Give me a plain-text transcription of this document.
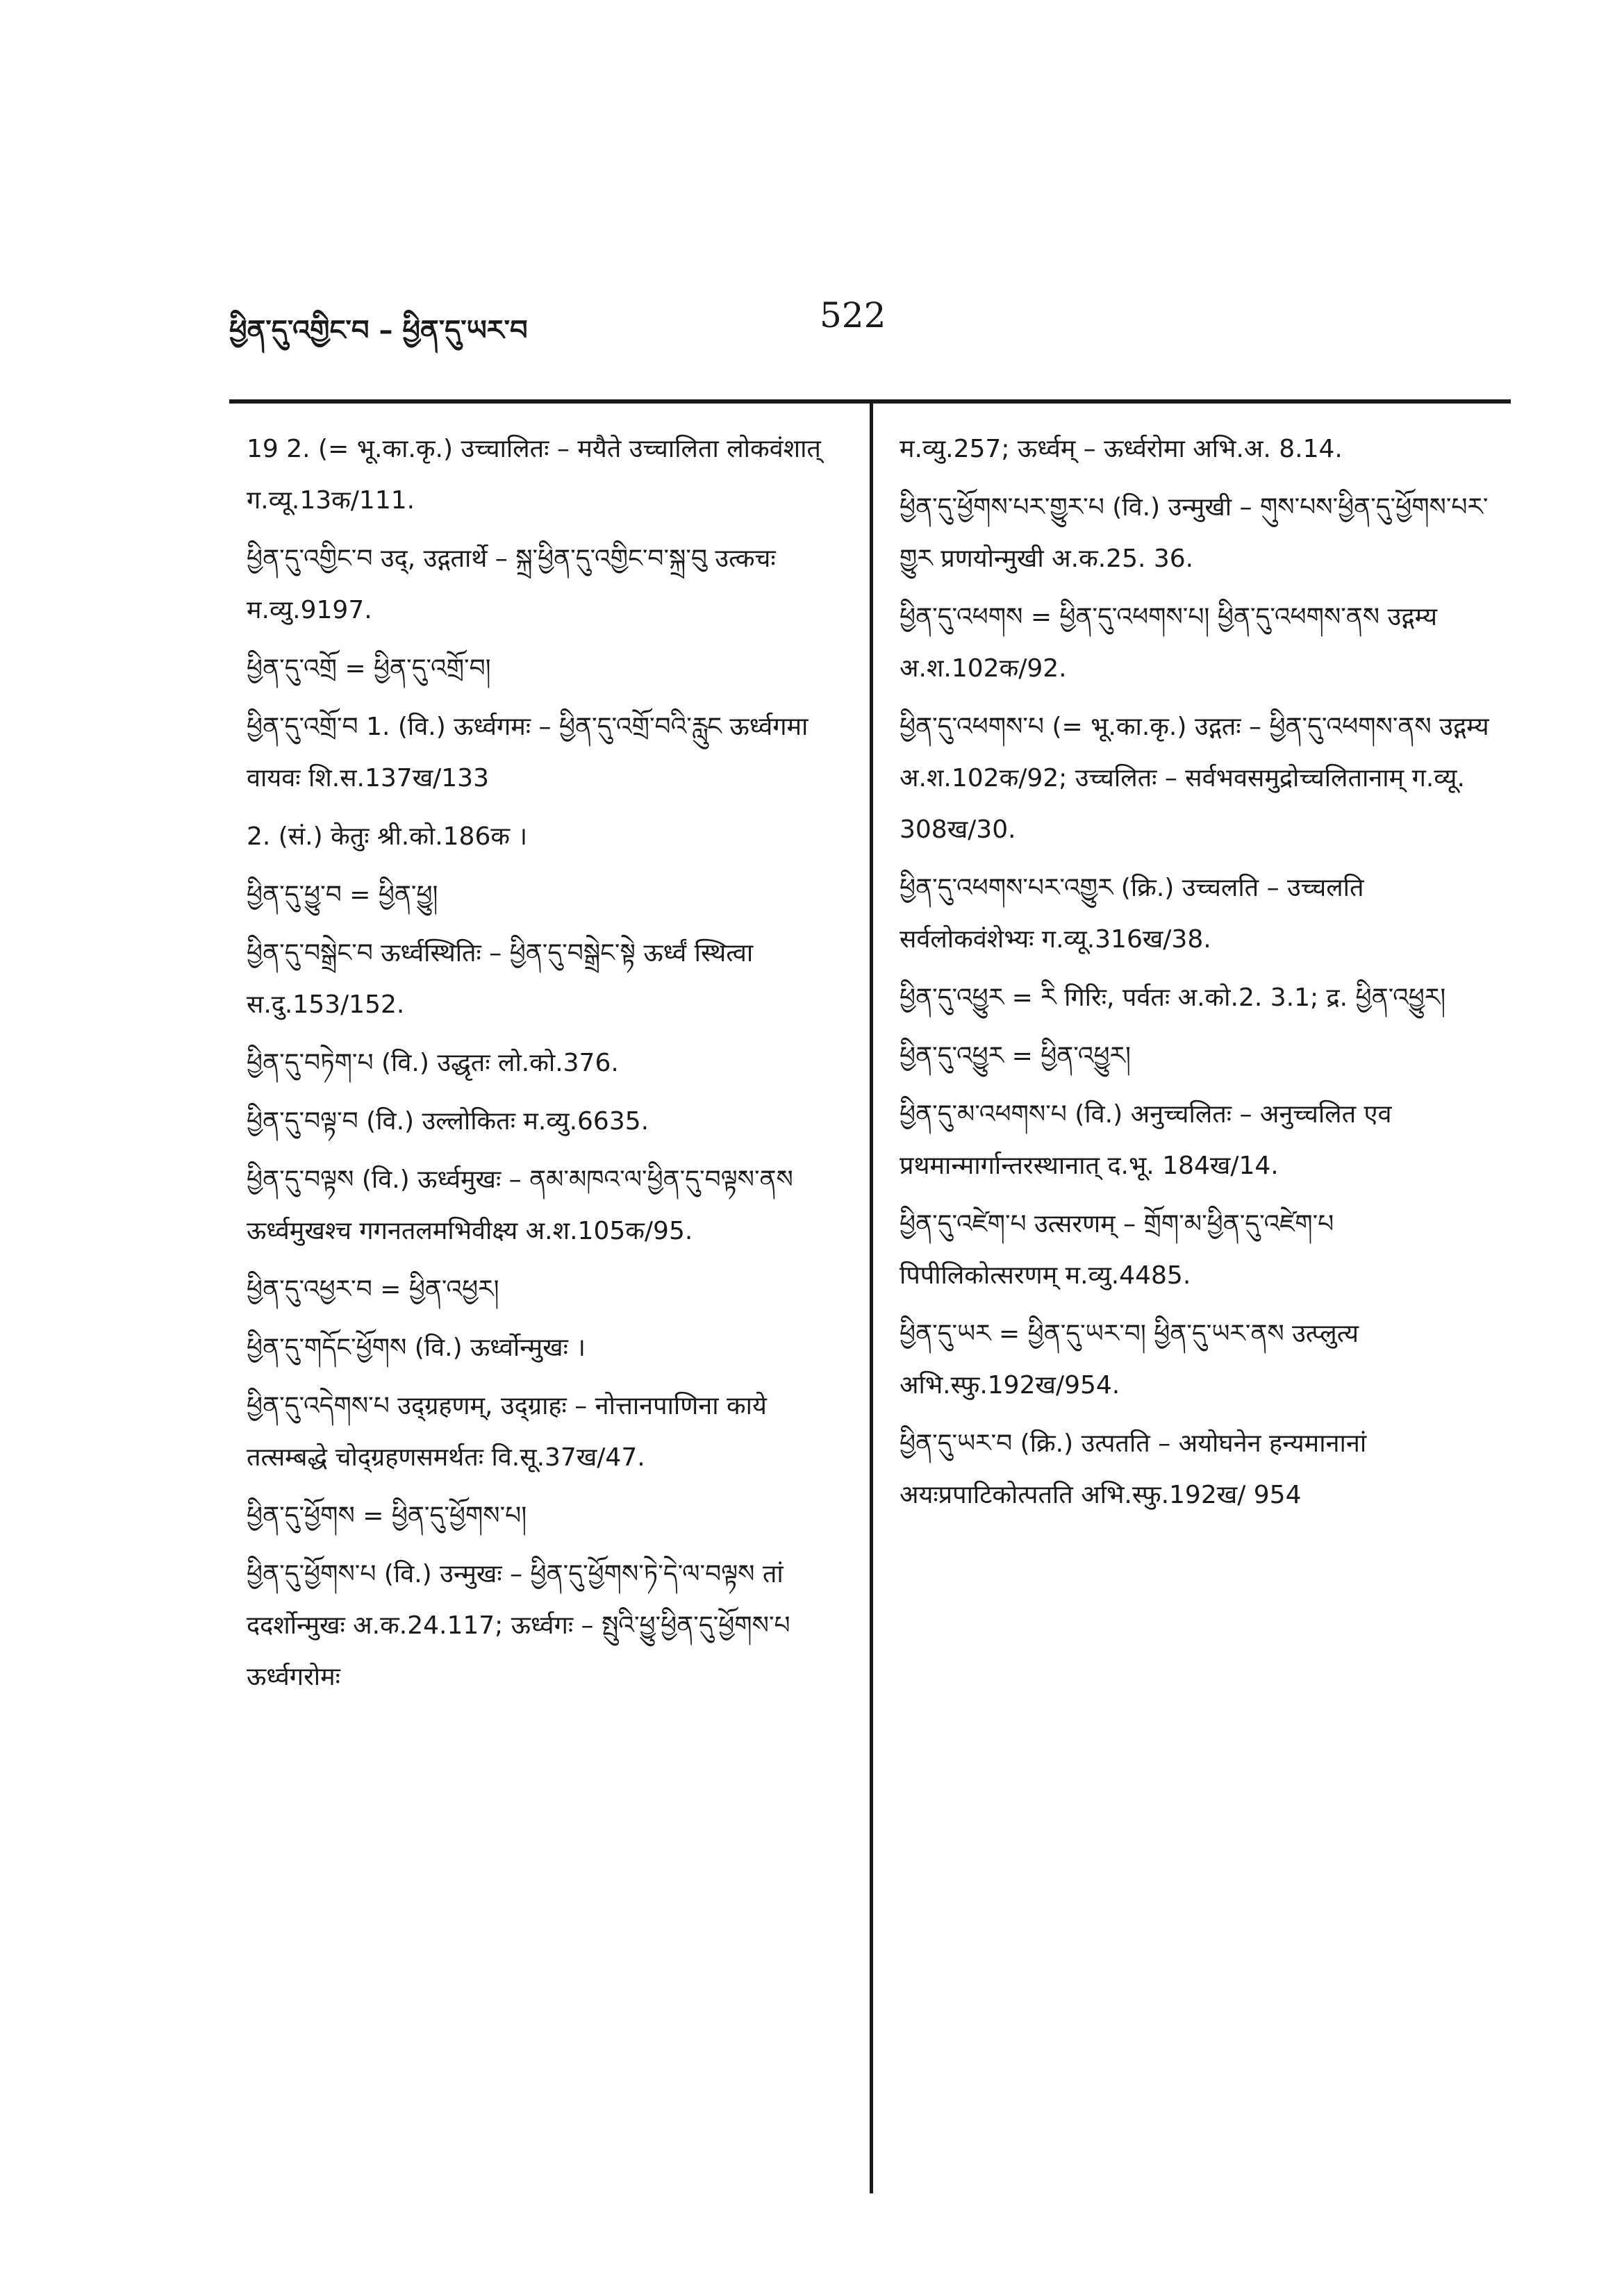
ཕྱིན་དུ་འགྱིང་བ – ཕྱིན་དུ་ཡར་བ	522

19 2. (= भू.का.कृ.) उच्चालितः – मयैते उच्चालिता लोकवंशात् ग.व्यू.13क/111.

ཕྱིན་དུ་འགྱིང་བ उद्, उद्गतार्थे – སྐྲ་ཕྱིན་དུ་འགྱིང་བ་སྐྲ་བུ उत्कचः म.व्यु.9197.

ཕྱིན་དུ་འགྲོ = ཕྱིན་དུ་འགྲོ་བ།

ཕྱིན་དུ་འགྲོ་བ 1. (वि.) ऊर्ध्वगमः – ཕྱིན་དུ་འགྲོ་བའི་རླུང ऊर्ध्वगमा वायवः शि.स.137ख/133

2. (सं.) केतुः श्री.को.186क ।

ཕྱིན་དུ་ཕྱུ་བ = ཕྱིན་ཕྱུ།

ཕྱིན་དུ་བསྒྲེང་བ ऊर्ध्वस्थितिः – ཕྱིན་དུ་བསྒྲེང་སྟེ ऊर्ध्वं स्थित्वा स.दु.153/152.

ཕྱིན་དུ་བཏེག་པ (वि.) उद्धृतः लो.को.376.

ཕྱིན་དུ་བལྟ་བ (वि.) उल्लोकितः म.व्यु.6635.

ཕྱིན་དུ་བལྟས (वि.) ऊर्ध्वमुखः – ནམ་མཁའ་ལ་ཕྱིན་དུ་བལྟས་ནས ऊर्ध्वमुखश्च गगनतलमभिवीक्ष्य अ.श.105क/95.

ཕྱིན་དུ་འཕྱར་བ = ཕྱིན་འཕྱར།

ཕྱིན་དུ་གདོང་ཕྱོགས (वि.) ऊर्ध्वोन्मुखः ।

ཕྱིན་དུ་འདེགས་པ उद्ग्रहणम्, उद्ग्राहः – नोत्तानपाणिना काये तत्सम्बद्धे चोद्ग्रहणसमर्थतः वि.सू.37ख/47.

ཕྱིན་དུ་ཕྱོགས = ཕྱིན་དུ་ཕྱོགས་པ།

ཕྱིན་དུ་ཕྱོགས་པ (वि.) उन्मुखः – ཕྱིན་དུ་ཕྱོགས་ཏེ་དེ་ལ་བལྟས तां ददर्शोन्मुखः अ.क.24.117; ऊर्ध्वगः – སྤུའི་ཕྱུ་ཕྱིན་དུ་ཕྱོགས་པ ऊर्ध्वगरोमः

म.व्यु.257; ऊर्ध्वम् – ऊर्ध्वरोमा अभि.अ. 8.14.

ཕྱིན་དུ་ཕྱོགས་པར་གྱུར་པ (वि.) उन्मुखी – གུས་པས་ཕྱིན་དུ་ཕྱོགས་པར་གྱུར प्रणयोन्मुखी अ.क.25. 36.

ཕྱིན་དུ་འཕགས = ཕྱིན་དུ་འཕགས་པ། ཕྱིན་དུ་འཕགས་ནས उद्गम्य अ.श.102क/92.

ཕྱིན་དུ་འཕགས་པ (= भू.का.कृ.) उद्गतः – ཕྱིན་དུ་འཕགས་ནས उद्गम्य अ.श.102क/92; उच्चलितः – सर्वभवसमुद्रोच्चलितानाम् ग.व्यू. 308ख/30.

ཕྱིན་དུ་འཕགས་པར་འགྱུར (क्रि.) उच्चलति – उच्चलति सर्वलोकवंशेभ्यः ग.व्यू.316ख/38.

ཕྱིན་དུ་འཕྱུར = རི गिरिः, पर्वतः अ.को.2. 3.1; द्र. ཕྱིན་འཕྱུར།

ཕྱིན་དུ་འཕྱུར = ཕྱིན་འཕྱུར།

ཕྱིན་དུ་མ་འཕགས་པ (वि.) अनुच्चलितः – अनुच्चलित एव प्रथमान्मार्गान्तरस्थानात् द.भू. 184ख/14.

ཕྱིན་དུ་འཛེག་པ उत्सरणम् – གྲོག་མ་ཕྱིན་དུ་འཛེག་པ पिपीलिकोत्सरणम् म.व्यु.4485.

ཕྱིན་དུ་ཡར = ཕྱིན་དུ་ཡར་བ། ཕྱིན་དུ་ཡར་ནས उत्प्लुत्य अभि.स्फु.192ख/954.

ཕྱིན་དུ་ཡར་བ (क्रि.) उत्पतति – अयोघनेन हन्यमानानां अयःप्रपाटिकोत्पतति अभि.स्फु.192ख/ 954
